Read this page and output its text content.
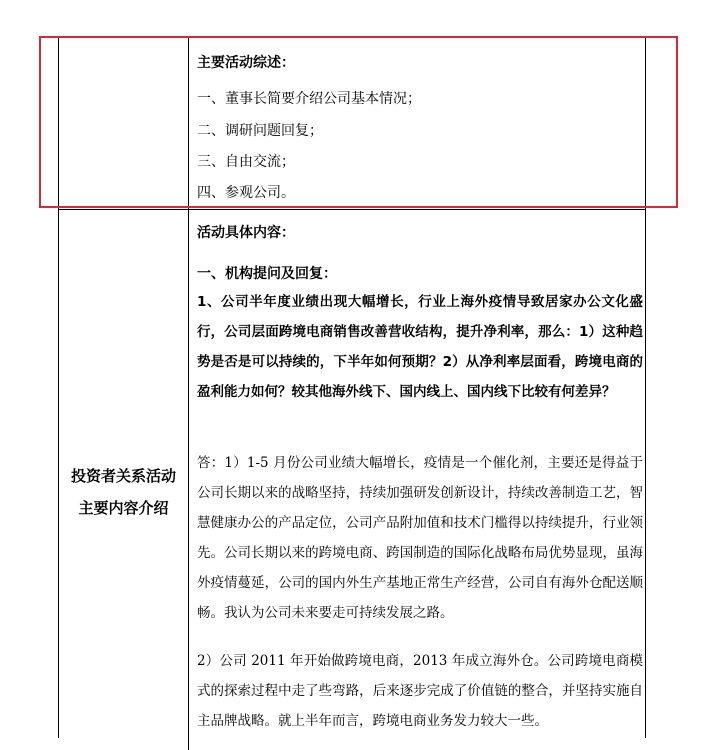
主要活动综述：
一、董事长简要介绍公司基本情况；
二、调研问题回复；
三、自由交流；
四、参观公司。
投资者关系活动
主要内容介绍
活动具体内容：
一、机构提问及回复：
1、公司半年度业绩出现大幅增长，行业上海外疫情导致居家办公文化盛行，公司层面跨境电商销售改善营收结构，提升净利率，那么：1）这种趋势是否是可以持续的，下半年如何预期？2）从净利率层面看，跨境电商的盈利能力如何？较其他海外线下、国内线上、国内线下比较有何差异？
答：1）1-5 月份公司业绩大幅增长，疫情是一个催化剂，主要还是得益于公司长期以来的战略坚持，持续加强研发创新设计，持续改善制造工艺，智慧健康办公的产品定位，公司产品附加值和技术门槛得以持续提升，行业领先。公司长期以来的跨境电商、跨国制造的国际化战略布局优势显现，虽海外疫情蔓延，公司的国内外生产基地正常生产经营，公司自有海外仓配送顺畅。我认为公司未来要走可持续发展之路。
2）公司 2011 年开始做跨境电商，2013 年成立海外仓。公司跨境电商模式的探索过程中走了些弯路，后来逐步完成了价值链的整合，并坚持实施自主品牌战略。就上半年而言，跨境电商业务发力较大一些。
